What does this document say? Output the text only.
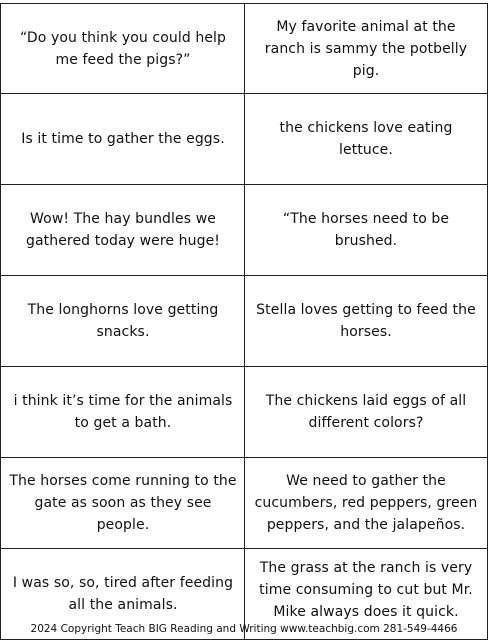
“Do you think you could help me feed the pigs?”
My favorite animal at the ranch is sammy the potbelly pig.
Is it time to gather the eggs.
the chickens love eating lettuce.
Wow! The hay bundles we gathered today were huge!
“The horses need to be brushed.
The longhorns love getting snacks.
Stella loves getting to feed the horses.
i think it’s time for the animals to get a bath.
The chickens laid eggs of all different colors?
The horses come running to the gate as soon as they see people.
We need to gather the cucumbers, red peppers, green peppers, and the jalapeños.
I was so, so, tired after feeding all the animals.
The grass at the ranch is very time consuming to cut but Mr. Mike always does it quick.
2024 Copyright Teach BIG Reading and Writing www.teachbig.com 281-549-4466
